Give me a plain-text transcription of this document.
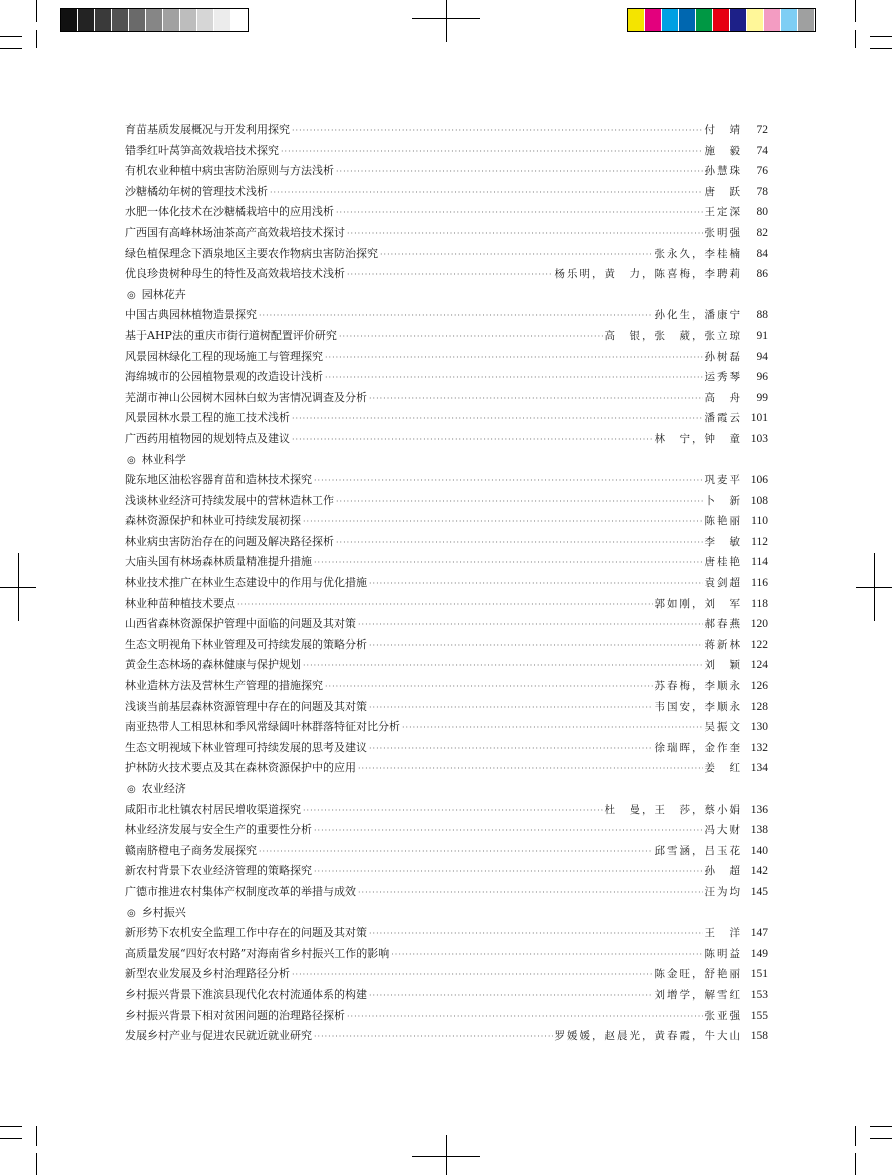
育苗基质发展概况与开发利用探究 ·····	付　靖	72
错季红叶莴笋高效栽培技术探究 ·····	施　毅	74
有机农业种植中病虫害防治原则与方法浅析 ·····	孙慧珠	76
沙糖橘幼年树的管理技术浅析 ·····	唐　跃	78
水肥一体化技术在沙糖橘栽培中的应用浅析 ·····	王定深	80
广西国有高峰林场油茶高产高效栽培技术探讨 ·····	张明强	82
绿色植保理念下酒泉地区主要农作物病虫害防治探究 ·····	张永久，李桂楠	84
优良珍贵树种母生的特性及高效栽培技术浅析 ·····	杨乐明，黄　力，陈喜梅，李聘莉	86
◎ 园林花卉
中国古典园林植物造景探究 ·····	孙化生，潘康宁	88
基于AHP法的重庆市街行道树配置评价研究 ·····	高　银，张　葳，张立琼	91
风景园林绿化工程的现场施工与管理探究 ·····	孙树磊	94
海绵城市的公园植物景观的改造设计浅析 ·····	运秀琴	96
芜湖市神山公园树木园林白蚁为害情况调查及分析 ·····	高　舟	99
风景园林水景工程的施工技术浅析 ·····	潘霞云 101
广西药用植物园的规划特点及建议 ·····	林　宁，钟　童 103
◎ 林业科学
陇东地区油松容器育苗和造林技术探究 ·····	巩麦平 106
浅谈林业经济可持续发展中的营林造林工作 ·····	卜　新 108
森林资源保护和林业可持续发展初探 ·····	陈艳丽 110
林业病虫害防治存在的问题及解决路径探析 ·····	李　敏 112
大庙头国有林场森林质量精准提升措施 ·····	唐桂艳 114
林业技术推广在林业生态建设中的作用与优化措施 ·····	袁剑超 116
林业种苗种植技术要点 ·····	郭如刚，刘　军 118
山西省森林资源保护管理中面临的问题及其对策 ·····	郝春燕 120
生态文明视角下林业管理及可持续发展的策略分析 ·····	蒋新林 122
黄金生态林场的森林健康与保护规划 ·····	刘　颖 124
林业造林方法及营林生产管理的措施探究 ·····	苏春梅，李顺永 126
浅谈当前基层森林资源管理中存在的问题及其对策 ·····	韦国安，李顺永 128
南亚热带人工相思林和季风常绿阔叶林群落特征对比分析 ·····	吴振文 130
生态文明视域下林业管理可持续发展的思考及建议 ·····	徐瑞晖，金作奎 132
护林防火技术要点及其在森林资源保护中的应用 ·····	姜　红 134
◎ 农业经济
咸阳市北杜镇农村居民增收渠道探究 ·····	杜　曼，王　莎，蔡小娟 136
林业经济发展与安全生产的重要性分析 ·····	冯大财 138
赣南脐橙电子商务发展探究 ·····	邱雪涵，吕玉花 140
新农村背景下农业经济管理的策略探究 ·····	孙　超 142
广德市推进农村集体产权制度改革的举措与成效 ·····	汪为均 145
◎ 乡村振兴
新形势下农机安全监理工作中存在的问题及其对策 ·····	王　洋 147
高质量发展“四好农村路”对海南省乡村振兴工作的影响 ·····	陈明益 149
新型农业发展及乡村治理路径分析 ·····	陈金旺，舒艳丽 151
乡村振兴背景下淮滨县现代化农村流通体系的构建 ·····	刘增学，解雪红 153
乡村振兴背景下相对贫困问题的治理路径探析 ·····	张亚强 155
发展乡村产业与促进农民就近就业研究 ·····	罗媛媛，赵晨光，黄春霞，牛大山 158
